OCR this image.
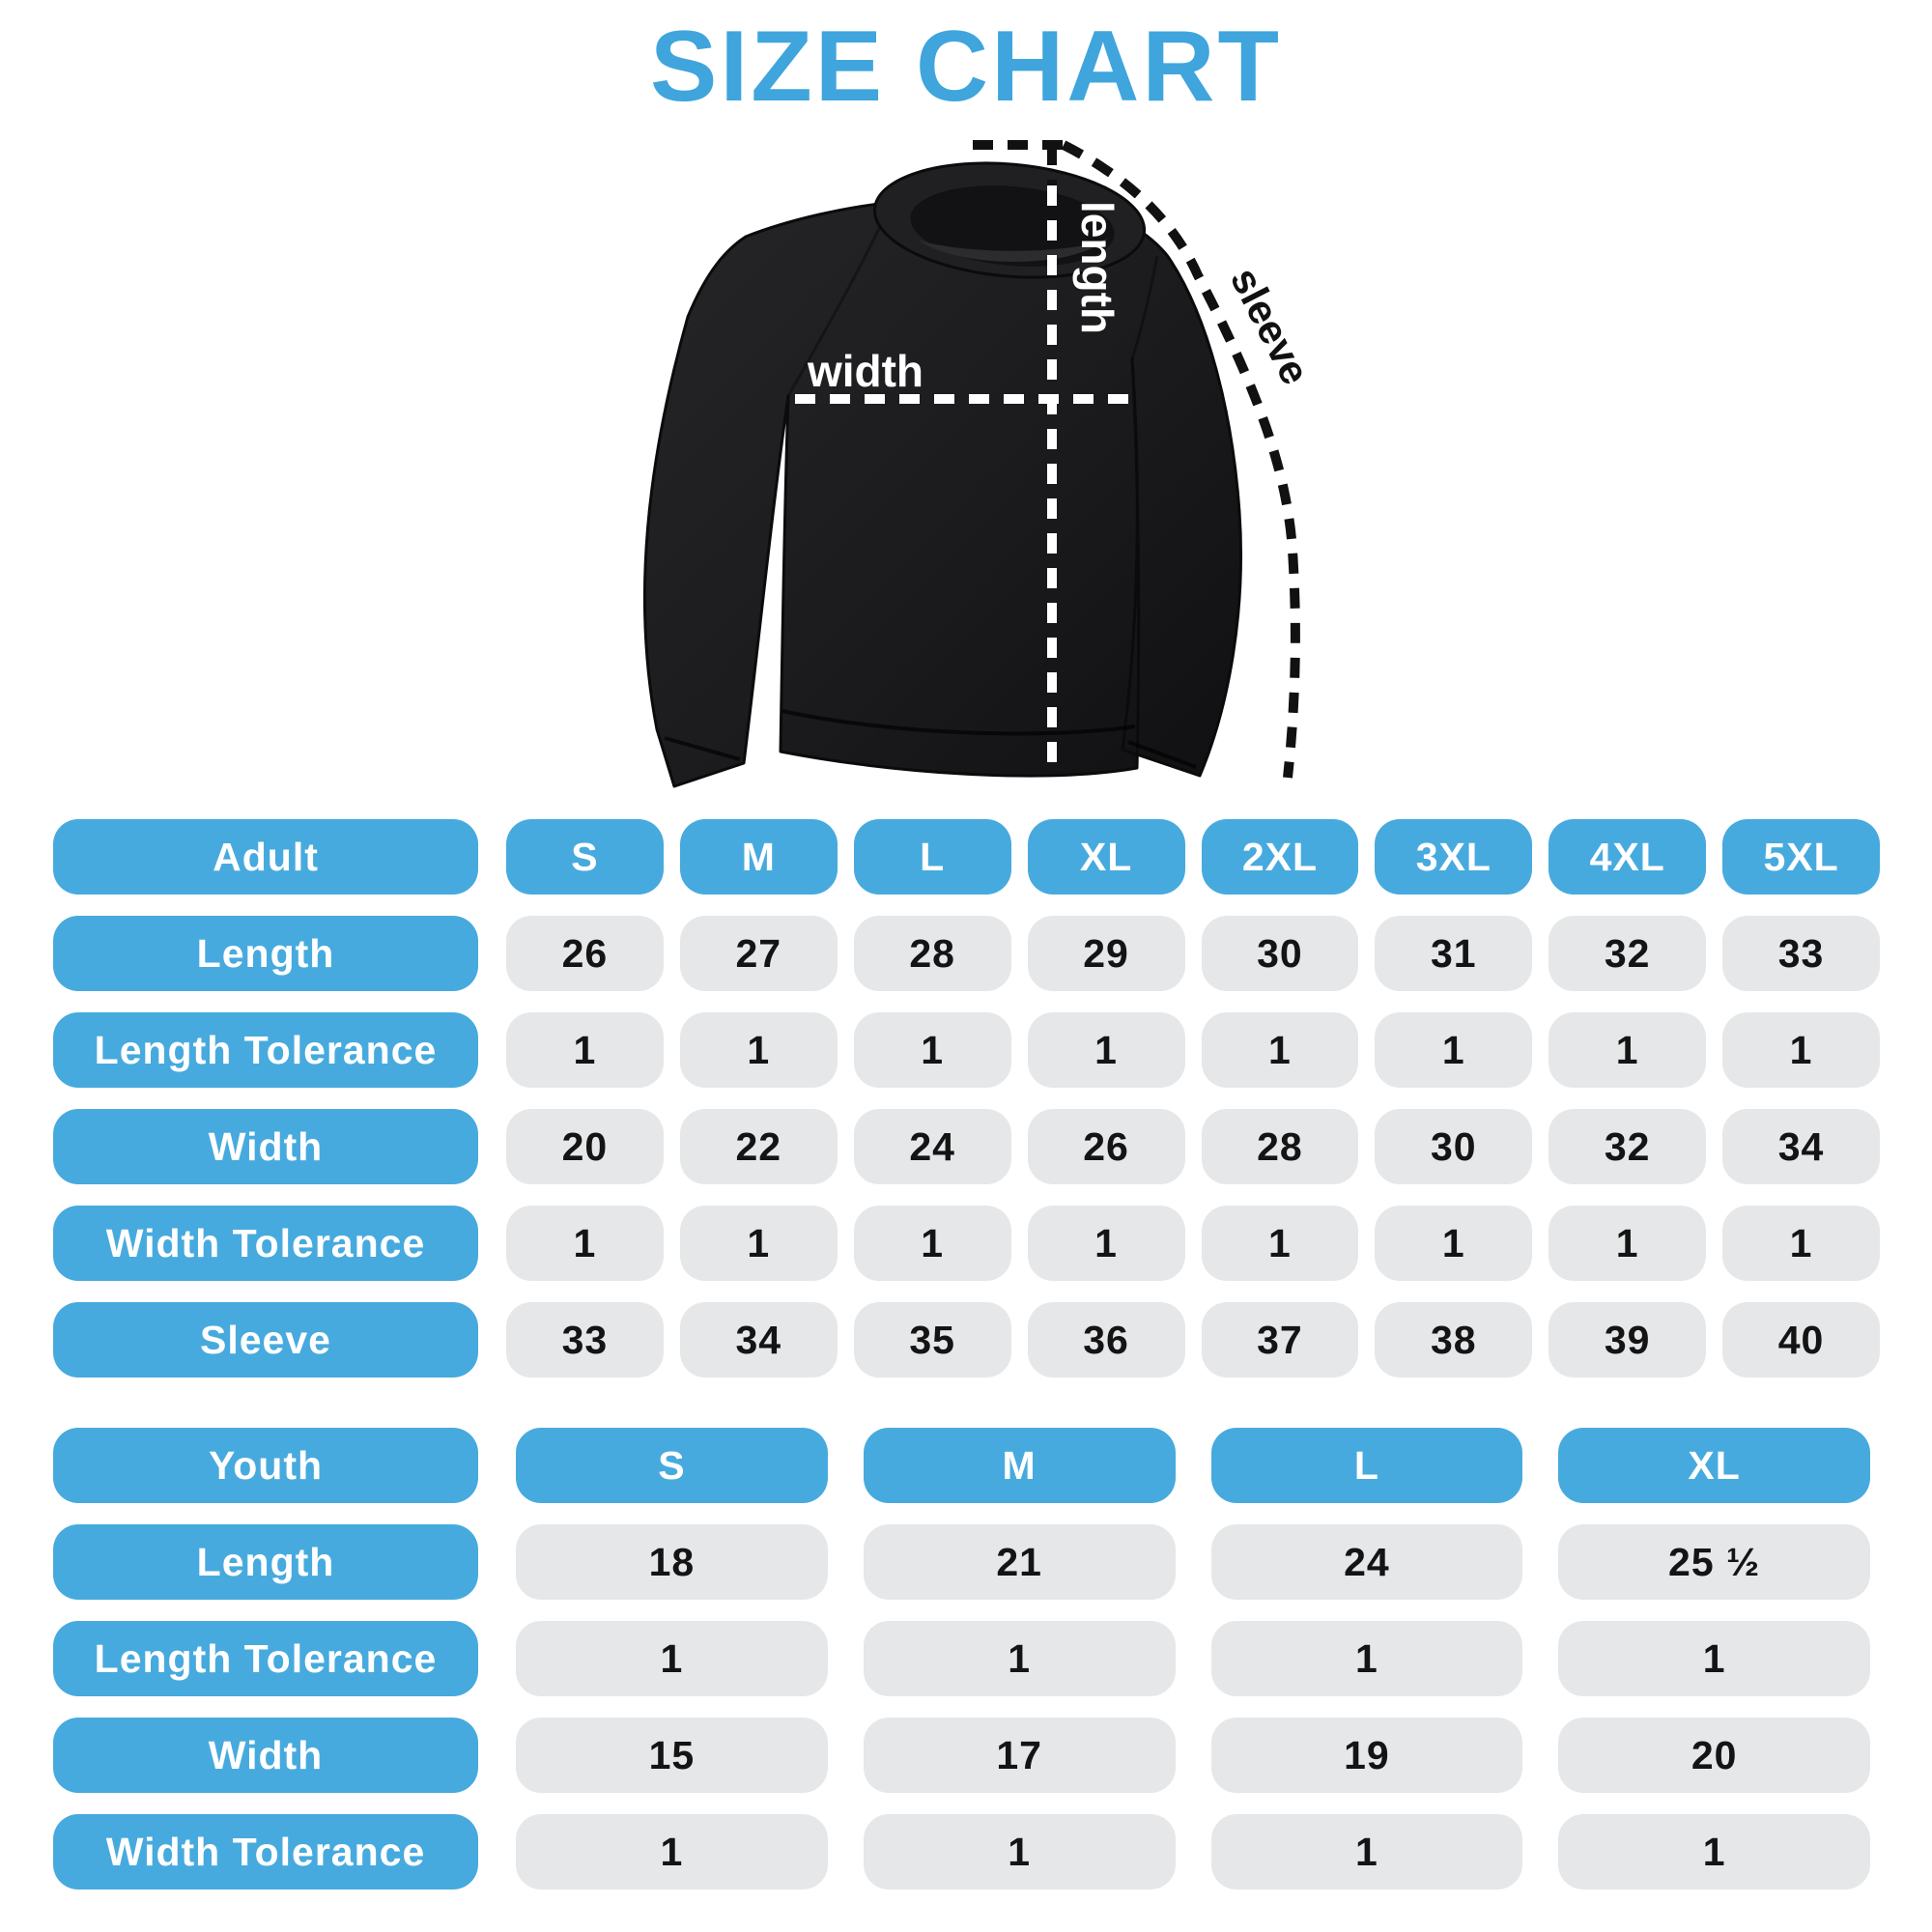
SIZE CHART
width
length sleeve
Adult	S	M	L	XL	2XL	3XL	4XL	5XL
Length	26	27	28	29	30	31	32	33
Length Tolerance	1	1	1	1	1	1	1	1
Width	20	22	24	26	28	30	32	34
Width Tolerance	1	1	1	1	1	1	1	1
Sleeve	33	34	35	36	37	38	39	40
Youth	S	M	L	XL
Length	18	21	24	25 ½
Length Tolerance	1	1	1	1
Width	15	17	19	20
Width Tolerance	1	1	1	1
